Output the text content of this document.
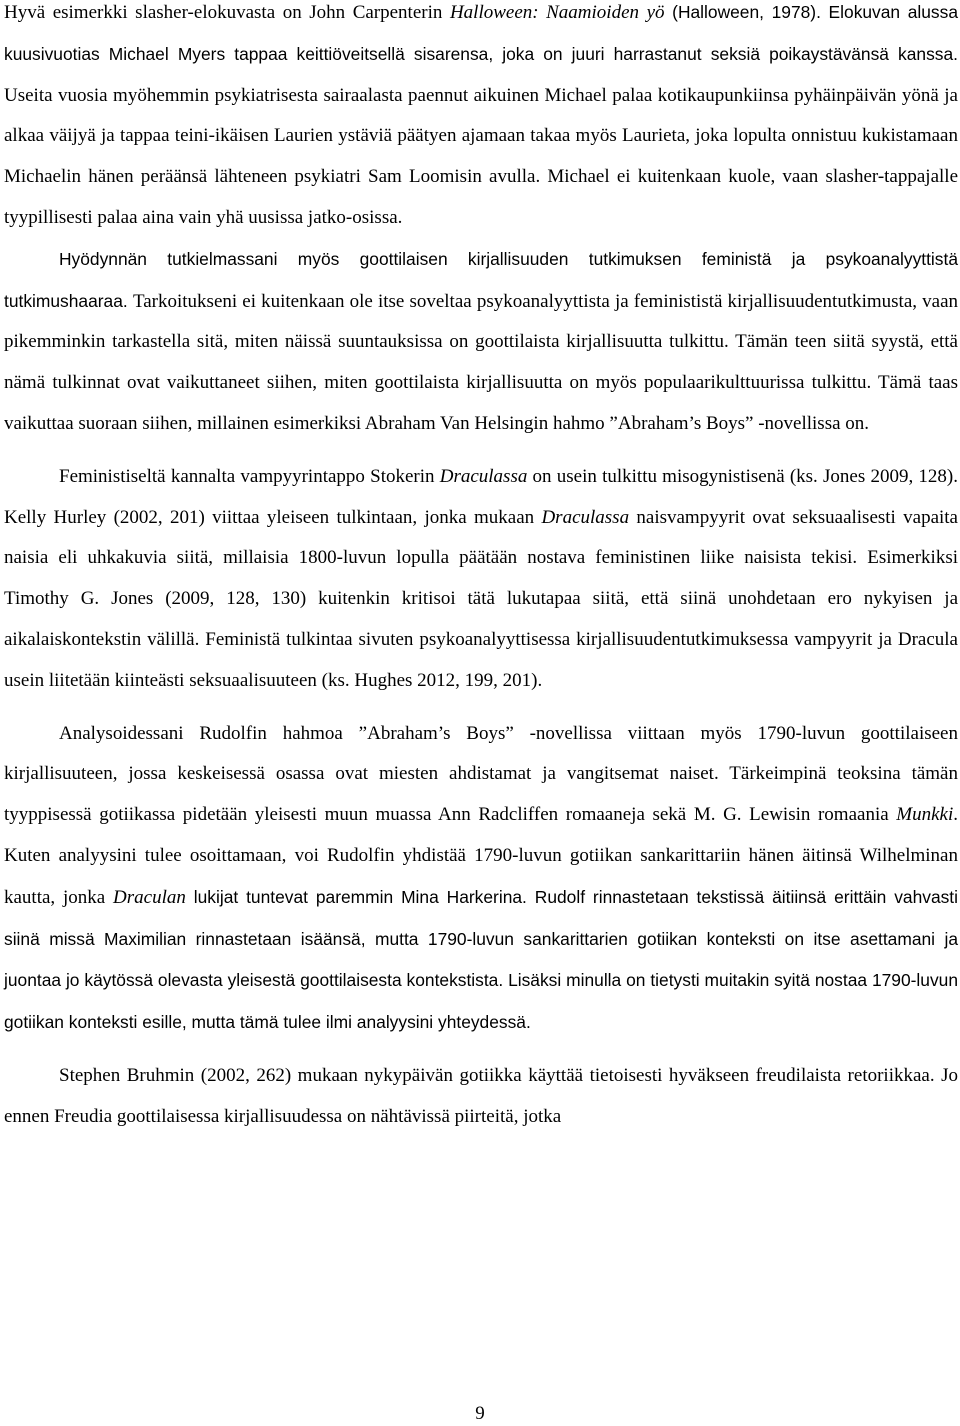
Hyvä esimerkki slasher-elokuvasta on John Carpenterin Halloween: Naamioiden yö (Halloween, 1978). Elokuvan alussa kuusivuotias Michael Myers tappaa keittiöveitsellä sisarensa, joka on juuri harrastanut seksiä poikaystävänsä kanssa. Useita vuosia myöhemmin psykiatrisesta sairaalasta paennut aikuinen Michael palaa kotikaupunkiinsa pyhäinpäivän yönä ja alkaa väijyä ja tappaa teini-ikäisen Laurien ystäviä päätyen ajamaan takaa myös Laurieta, joka lopulta onnistuu kukistamaan Michaelin hänen peräänsä lähteneen psykiatri Sam Loomisin avulla. Michael ei kuitenkaan kuole, vaan slasher-tappajalle tyypillisesti palaa aina vain yhä uusissa jatko-osissa.

Hyödynnän tutkielmassani myös goottilaisen kirjallisuuden tutkimuksen feministä ja psykoanalyyttistä tutkimushaaraa. Tarkoitukseni ei kuitenkaan ole itse soveltaa psykoanalyyttista ja feminististä kirjallisuudentutkimusta, vaan pikemminkin tarkastella sitä, miten näissä suuntauksissa on goottilaista kirjallisuutta tulkittu. Tämän teen siitä syystä, että nämä tulkinnat ovat vaikuttaneet siihen, miten goottilaista kirjallisuutta on myös populaarikulttuurissa tulkittu. Tämä taas vaikuttaa suoraan siihen, millainen esimerkiksi Abraham Van Helsingin hahmo ”Abraham’s Boys” -novellissa on.

Feministiseltä kannalta vampyyrintappo Stokerin Draculassa on usein tulkittu misogynistisenä (ks. Jones 2009, 128). Kelly Hurley (2002, 201) viittaa yleiseen tulkintaan, jonka mukaan Draculassa naisvampyyrit ovat seksuaalisesti vapaita naisia eli uhkakuvia siitä, millaisia 1800-luvun lopulla päätään nostava feministinen liike naisista tekisi. Esimerkiksi Timothy G. Jones (2009, 128, 130) kuitenkin kritisoi tätä lukutapaa siitä, että siinä unohdetaan ero nykyisen ja aikalaiskontekstin välillä. Feministä tulkintaa sivuten psykoanalyyttisessa kirjallisuudentutkimuksessa vampyyrit ja Dracula usein liitetään kiinteästi seksuaalisuuteen (ks. Hughes 2012, 199, 201).

Analysoidessani Rudolfin hahmoa ”Abraham’s Boys” -novellissa viittaan myös 1790-luvun goottilaiseen kirjallisuuteen, jossa keskeisessä osassa ovat miesten ahdistamat ja vangitsemat naiset. Tärkeimpinä teoksina tämän tyyppisessä gotiikassa pidetään yleisesti muun muassa Ann Radcliffen romaaneja sekä M. G. Lewisin romaania Munkki. Kuten analyysini tulee osoittamaan, voi Rudolfin yhdistää 1790-luvun gotiikan sankarittariin hänen äitinsä Wilhelminan kautta, jonka Draculan lukijat tuntevat paremmin Mina Harkerina. Rudolf rinnastetaan tekstissä äitiinsä erittäin vahvasti siinä missä Maximilian rinnastetaan isäänsä, mutta 1790-luvun sankarittarien gotiikan konteksti on itse asettamani ja juontaa jo käytössä olevasta yleisestä goottilaisesta kontekstista. Lisäksi minulla on tietysti muitakin syitä nostaa 1790-luvun gotiikan konteksti esille, mutta tämä tulee ilmi analyysini yhteydessä.

Stephen Bruhmin (2002, 262) mukaan nykypäivän gotiikka käyttää tietoisesti hyväkseen freudilaista retoriikkaa. Jo ennen Freudia goottilaisessa kirjallisuudessa on nähtävissä piirteitä, jotka

9
